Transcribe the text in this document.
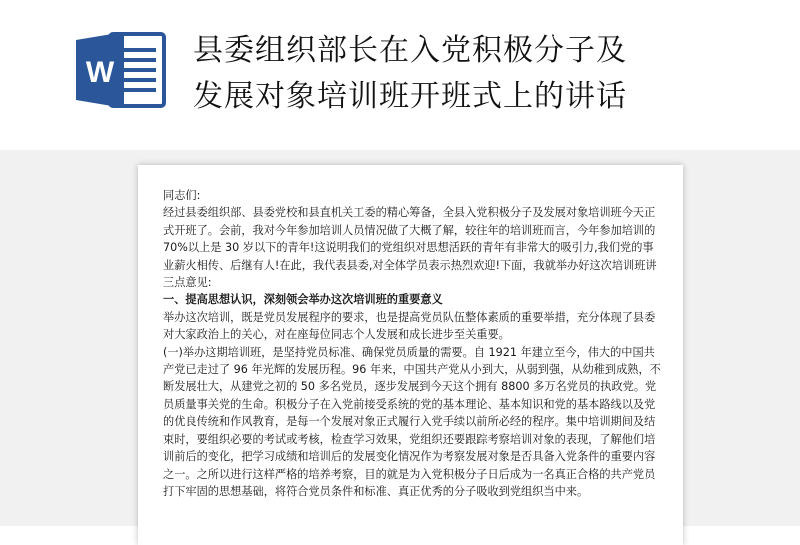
W
县委组织部长在入党积极分子及
发展对象培训班开班式上的讲话

同志们:

经过县委组织部、县委党校和县直机关工委的精心筹备，全县入党积极分子及发展对象培训班今天正式开班了。会前，我对今年参加培训人员情况做了大概了解，较往年的培训班而言，今年参加培训的 70%以上是 30 岁以下的青年!这说明我们的党组织对思想活跃的青年有非常大的吸引力,我们党的事业薪火相传、后继有人!在此，我代表县委,对全体学员表示热烈欢迎!下面，我就举办好这次培训班讲三点意见:

一、提高思想认识，深刻领会举办这次培训班的重要意义

举办这次培训，既是党员发展程序的要求，也是提高党员队伍整体素质的重要举措，充分体现了县委对大家政治上的关心，对在座每位同志个人发展和成长进步至关重要。

(一)举办这期培训班，是坚持党员标准、确保党员质量的需要。自 1921 年建立至今，伟大的中国共产党已走过了 96 年光辉的发展历程。96 年来，中国共产党从小到大，从弱到强，从幼稚到成熟，不断发展壮大，从建党之初的 50 多名党员，逐步发展到今天这个拥有 8800 多万名党员的执政党。党员质量事关党的生命。积极分子在入党前接受系统的党的基本理论、基本知识和党的基本路线以及党的优良传统和作风教育，是每一个发展对象正式履行入党手续以前所必经的程序。集中培训期间及结束时，要组织必要的考试或考核，检查学习效果，党组织还要跟踪考察培训对象的表现，了解他们培训前后的变化，把学习成绩和培训后的发展变化情况作为考察发展对象是否具备入党条件的重要内容之一。之所以进行这样严格的培养考察，目的就是为入党积极分子日后成为一名真正合格的共产党员打下牢固的思想基础，将符合党员条件和标准、真正优秀的分子吸收到党组织当中来。
